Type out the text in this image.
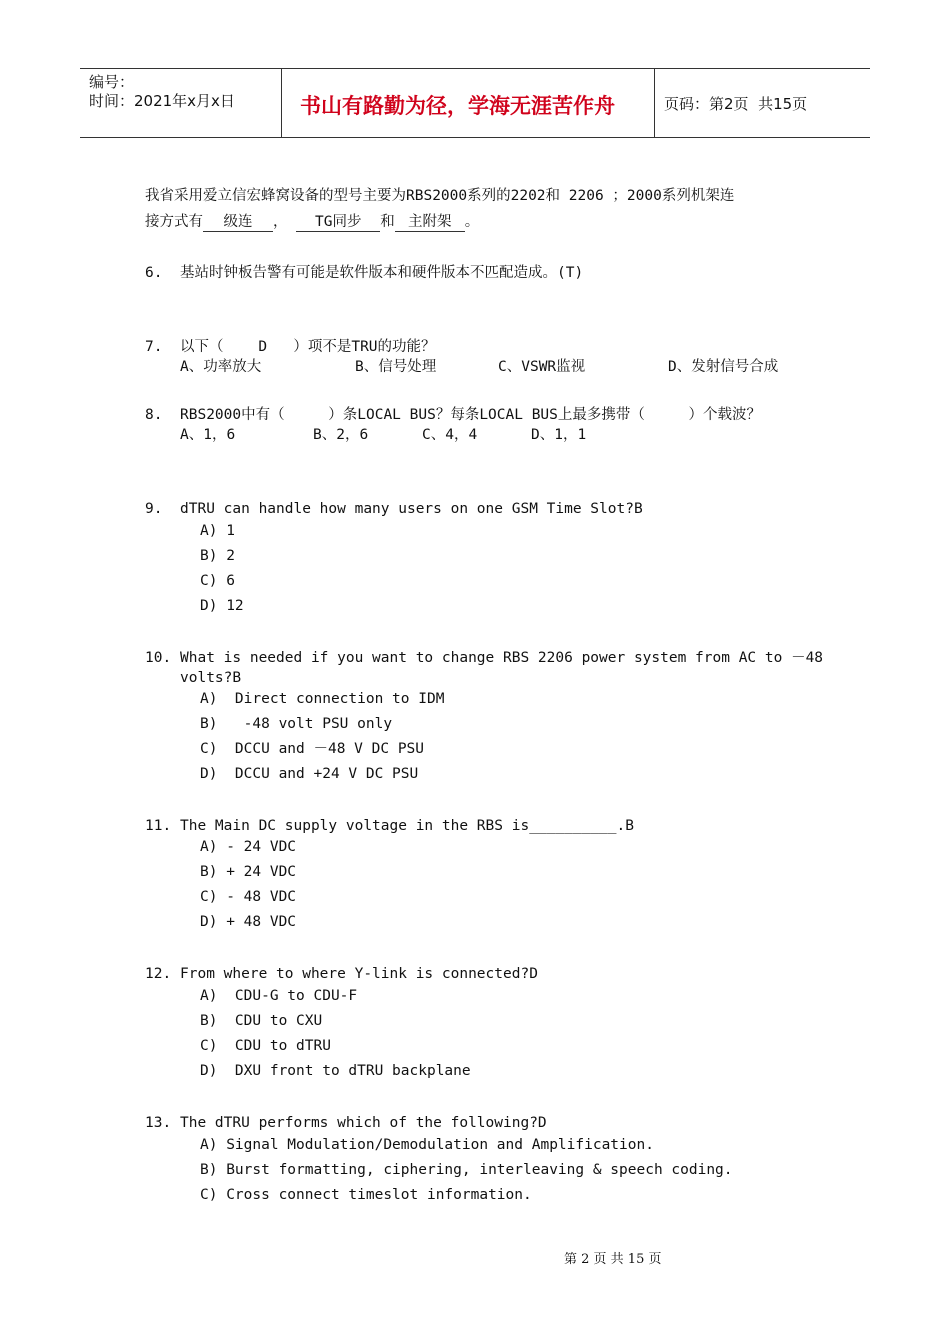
编号：
时间：2021年x月x日	书山有路勤为径，学海无涯苦作舟	页码：第2页  共15页
我省采用爱立信宏蜂窝设备的型号主要为RBS2000系列的2202和 2206 ；2000系列机架连
接方式有 级连 ， TG同步 和 主附架 。
6. 基站时钟板告警有可能是软件版本和硬件版本不匹配造成。(T)
7. 以下（    D   ）项不是TRU的功能？
A、功率放大	B、信号处理	C、VSWR监视	D、发射信号合成
8. RBS2000中有（     ）条LOCAL BUS？每条LOCAL BUS上最多携带（     ）个载波？
A、1，6	B、2，6	C、4，4	D、1，1
9. dTRU can handle how many users on one GSM Time Slot?B
A) 1
B) 2
C) 6
D) 12
10. What is needed if you want to change RBS 2206 power system from AC to －48
volts?B
A)  Direct connection to IDM
B)   -48 volt PSU only
C)  DCCU and －48 V DC PSU
D)  DCCU and +24 V DC PSU
11. The Main DC supply voltage in the RBS is__________.B
A) - 24 VDC
B) + 24 VDC
C) - 48 VDC
D) + 48 VDC
12. From where to where Y-link is connected?D
A)  CDU-G to CDU-F
B)  CDU to CXU
C)  CDU to dTRU
D)  DXU front to dTRU backplane
13. The dTRU performs which of the following?D
A) Signal Modulation/Demodulation and Amplification.
B) Burst formatting, ciphering, interleaving & speech coding.
C) Cross connect timeslot information.
第 2 页 共 15 页
